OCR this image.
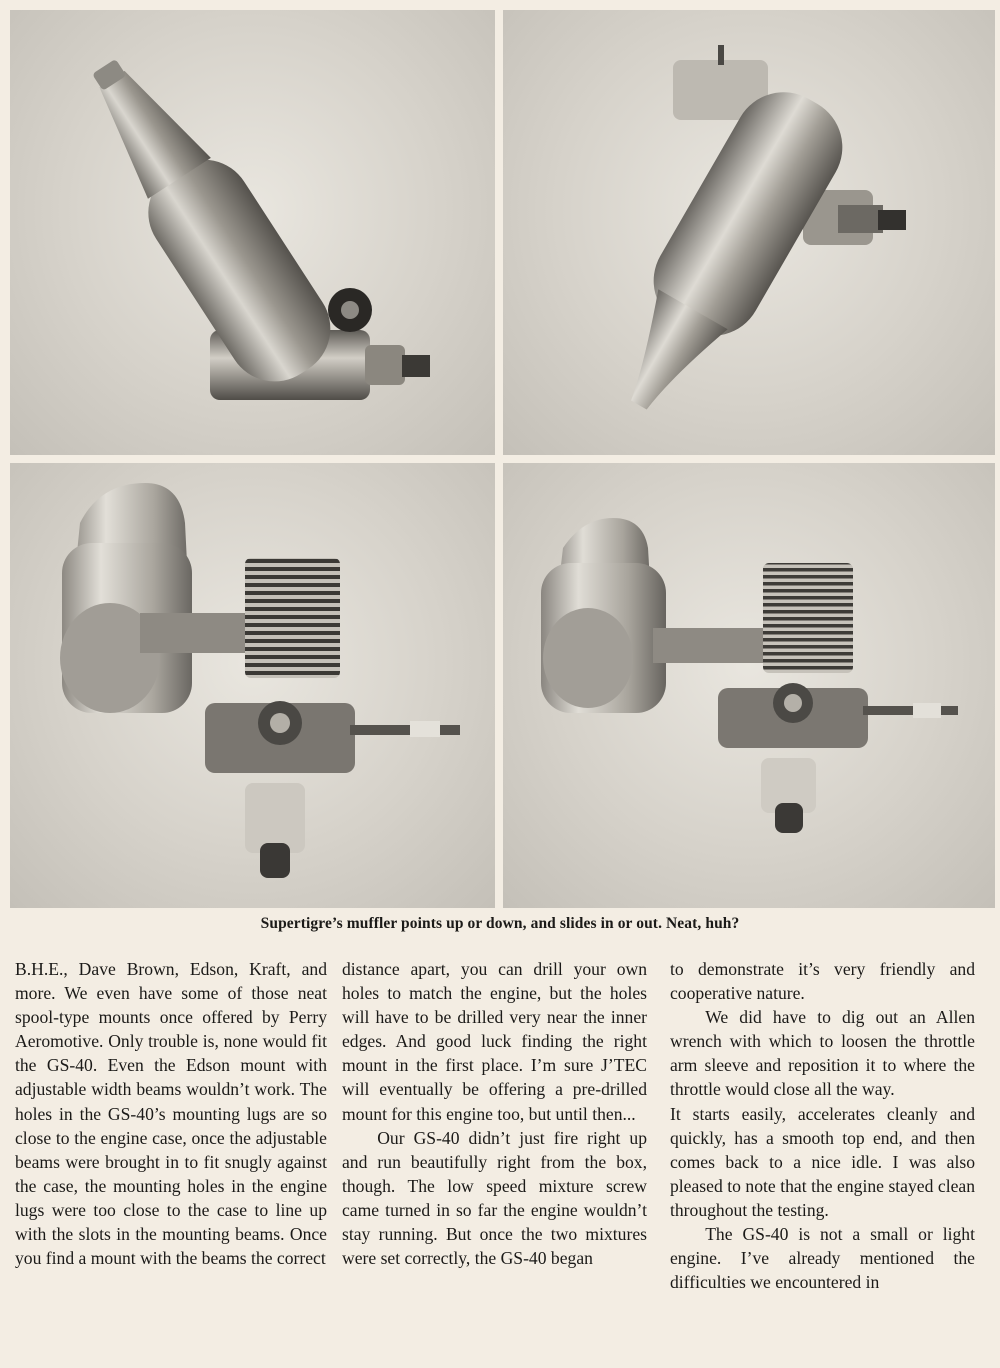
Supertigre’s muffler points up or down, and slides in or out. Neat, huh?

B.H.E., Dave Brown, Edson, Kraft, and more. We even have some of those neat spool-type mounts once offered by Perry Aeromotive. Only trouble is, none would fit the GS-40. Even the Edson mount with adjustable width beams wouldn’t work. The holes in the GS-40’s mounting lugs are so close to the engine case, once the adjustable beams were brought in to fit snugly against the case, the mounting holes in the engine lugs were too close to the case to line up with the slots in the mounting beams. Once you find a mount with the beams the correct

distance apart, you can drill your own holes to match the engine, but the holes will have to be drilled very near the inner edges. And good luck finding the right mount in the first place. I’m sure J’TEC will eventually be offering a pre-drilled mount for this engine too, but until then...

Our GS-40 didn’t just fire right up and run beautifully right from the box, though. The low speed mixture screw came turned in so far the engine wouldn’t stay running. But once the two mixtures were set correctly, the GS-40 began

to demonstrate it’s very friendly and cooperative nature.

We did have to dig out an Allen wrench with which to loosen the throttle arm sleeve and reposition it to where the throttle would close all the way.

It starts easily, accelerates cleanly and quickly, has a smooth top end, and then comes back to a nice idle. I was also pleased to note that the engine stayed clean throughout the testing.

The GS-40 is not a small or light engine. I’ve already mentioned the difficulties we encountered in
